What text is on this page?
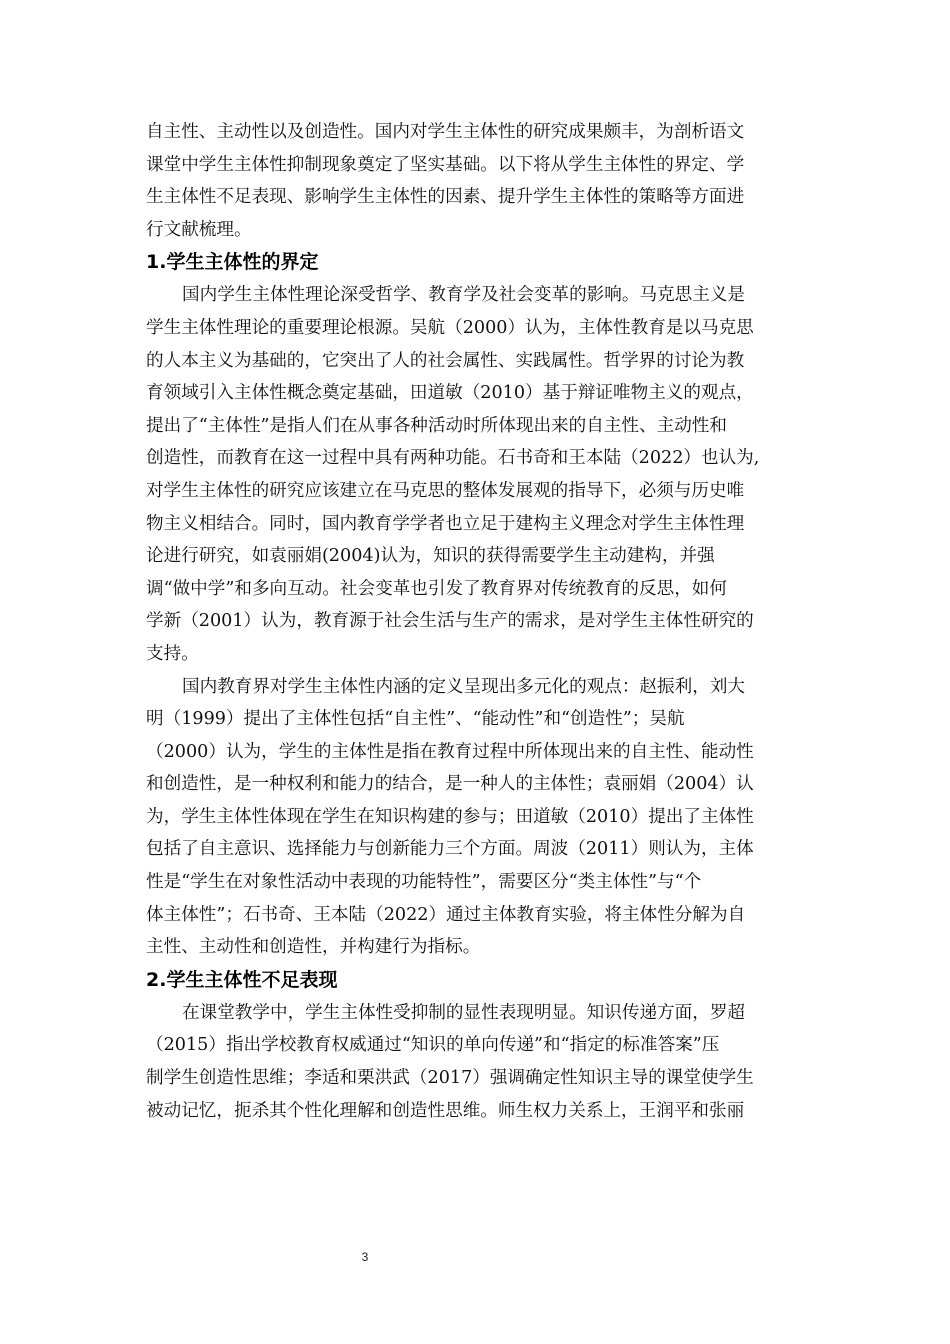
自主性、主动性以及创造性。国内对学生主体性的研究成果颇丰，为剖析语文
课堂中学生主体性抑制现象奠定了坚实基础。以下将从学生主体性的界定、学
生主体性不足表现、影响学生主体性的因素、提升学生主体性的策略等方面进
行文献梳理。
1.学生主体性的界定
国内学生主体性理论深受哲学、教育学及社会变革的影响。马克思主义是
学生主体性理论的重要理论根源。吴航（2000）认为，主体性教育是以马克思
的人本主义为基础的，它突出了人的社会属性、实践属性。哲学界的讨论为教
育领域引入主体性概念奠定基础，田道敏（2010）基于辩证唯物主义的观点，
提出了“主体性”是指人们在从事各种活动时所体现出来的自主性、主动性和
创造性，而教育在这一过程中具有两种功能。石书奇和王本陆（2022）也认为,
对学生主体性的研究应该建立在马克思的整体发展观的指导下，必须与历史唯
物主义相结合。同时，国内教育学学者也立足于建构主义理念对学生主体性理
论进行研究，如袁丽娟(2004)认为，知识的获得需要学生主动建构，并强
调“做中学”和多向互动。社会变革也引发了教育界对传统教育的反思，如何
学新（2001）认为，教育源于社会生活与生产的需求，是对学生主体性研究的
支持。
国内教育界对学生主体性内涵的定义呈现出多元化的观点：赵振利，刘大
明（1999）提出了主体性包括“自主性”、“能动性”和“创造性”；吴航
（2000）认为，学生的主体性是指在教育过程中所体现出来的自主性、能动性
和创造性，是一种权利和能力的结合，是一种人的主体性；袁丽娟（2004）认
为，学生主体性体现在学生在知识构建的参与；田道敏（2010）提出了主体性
包括了自主意识、选择能力与创新能力三个方面。周波（2011）则认为，主体
性是“学生在对象性活动中表现的功能特性”，需要区分“类主体性”与“个
体主体性”；石书奇、王本陆（2022）通过主体教育实验，将主体性分解为自
主性、主动性和创造性，并构建行为指标。
2.学生主体性不足表现
在课堂教学中，学生主体性受抑制的显性表现明显。知识传递方面，罗超
（2015）指出学校教育权威通过“知识的单向传递”和“指定的标准答案”压
制学生创造性思维；李适和栗洪武（2017）强调确定性知识主导的课堂使学生
被动记忆，扼杀其个性化理解和创造性思维。师生权力关系上，王润平和张丽
3
